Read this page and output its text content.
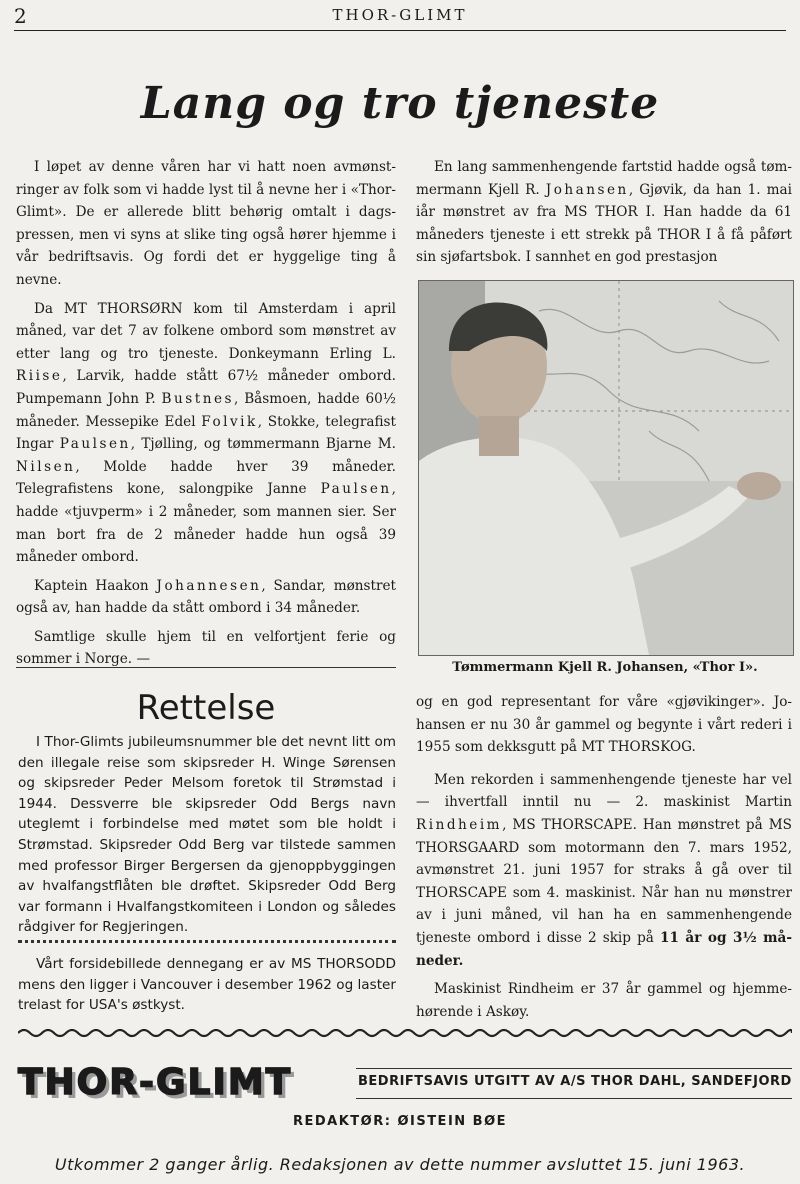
2	THOR-GLIMT
Lang og tro tjeneste

I løpet av denne våren har vi hatt noen avmønstringer av folk som vi hadde lyst til å nevne her i «Thor-Glimt». De er allerede blitt behørig omtalt i dags-pressen, men vi syns at slike ting også hører hjemme i vår bedriftsavis. Og fordi det er hyggelige ting å nevne.

Da MT THORSØRN kom til Amsterdam i april måned, var det 7 av folkene ombord som mønstret av etter lang og tro tjeneste. Donkeymann Erling L. Riise, Larvik, hadde stått 67½ måneder ombord. Pumpemann John P. Bustnes, Båsmoen, hadde 60½ måneder. Messepike Edel Folvik, Stokke, telegrafist Ingar Paulsen, Tjølling, og tømmermann Bjarne M. Nilsen, Molde hadde hver 39 måneder. Telegrafistens kone, salongpike Janne Paulsen, hadde «tjuvperm» i 2 måneder, som mannen sier. Ser man bort fra de 2 måneder hadde hun også 39 måneder ombord.

Kaptein Haakon Johannesen, Sandar, mønstret også av, han hadde da stått ombord i 34 måneder.

Samtlige skulle hjem til en velfortjent ferie og sommer i Norge. —

En lang sammenhengende fartstid hadde også tømmermann Kjell R. Johansen, Gjøvik, da han 1. mai iår mønstret av fra MS THOR I. Han hadde da 61 måneders tjeneste i ett strekk på THOR I å få påført sin sjøfartsbok. I sannhet en god prestasjon

Tømmermann Kjell R. Johansen, «Thor I».

og en god representant for våre «gjøvikinger». Johansen er nu 30 år gammel og begynte i vårt rederi i 1955 som dekksgutt på MT THORSKOG.

Men rekorden i sammenhengende tjeneste har vel — ihvertfall inntil nu — 2. maskinist Martin Rindheim, MS THORSCAPE. Han mønstret på MS THORSGAARD som motormann den 7. mars 1952, avmønstret 21. juni 1957 for straks å gå over til THORSCAPE som 4. maskinist. Når han nu mønstrer av i juni måned, vil han ha en sammenhengende tjeneste ombord i disse 2 skip på 11 år og 3½ måneder.

Maskinist Rindheim er 37 år gammel og hjemmehørende i Askøy.

Rettelse

I Thor-Glimts jubileumsnummer ble det nevnt litt om den illegale reise som skipsreder H. Winge Sørensen og skipsreder Peder Melsom foretok til Strømstad i 1944. Dessverre ble skipsreder Odd Bergs navn uteglemt i forbindelse med møtet som ble holdt i Strømstad. Skipsreder Odd Berg var tilstede sammen med professor Birger Bergersen da gjenoppbyggingen av hvalfangstflåten ble drøftet. Skipsreder Odd Berg var formann i Hvalfangstkomiteen i London og således rådgiver for Regjeringen.

Vårt forsidebillede dennegang er av MS THORSODD mens den ligger i Vancouver i desember 1962 og laster trelast for USA's østkyst.

THOR-GLIMT	BEDRIFTSAVIS UTGITT AV A/S THOR DAHL, SANDEFJORD
REDAKTØR: ØISTEIN BØE
Utkommer 2 ganger årlig. Redaksjonen av dette nummer avsluttet 15. juni 1963.
